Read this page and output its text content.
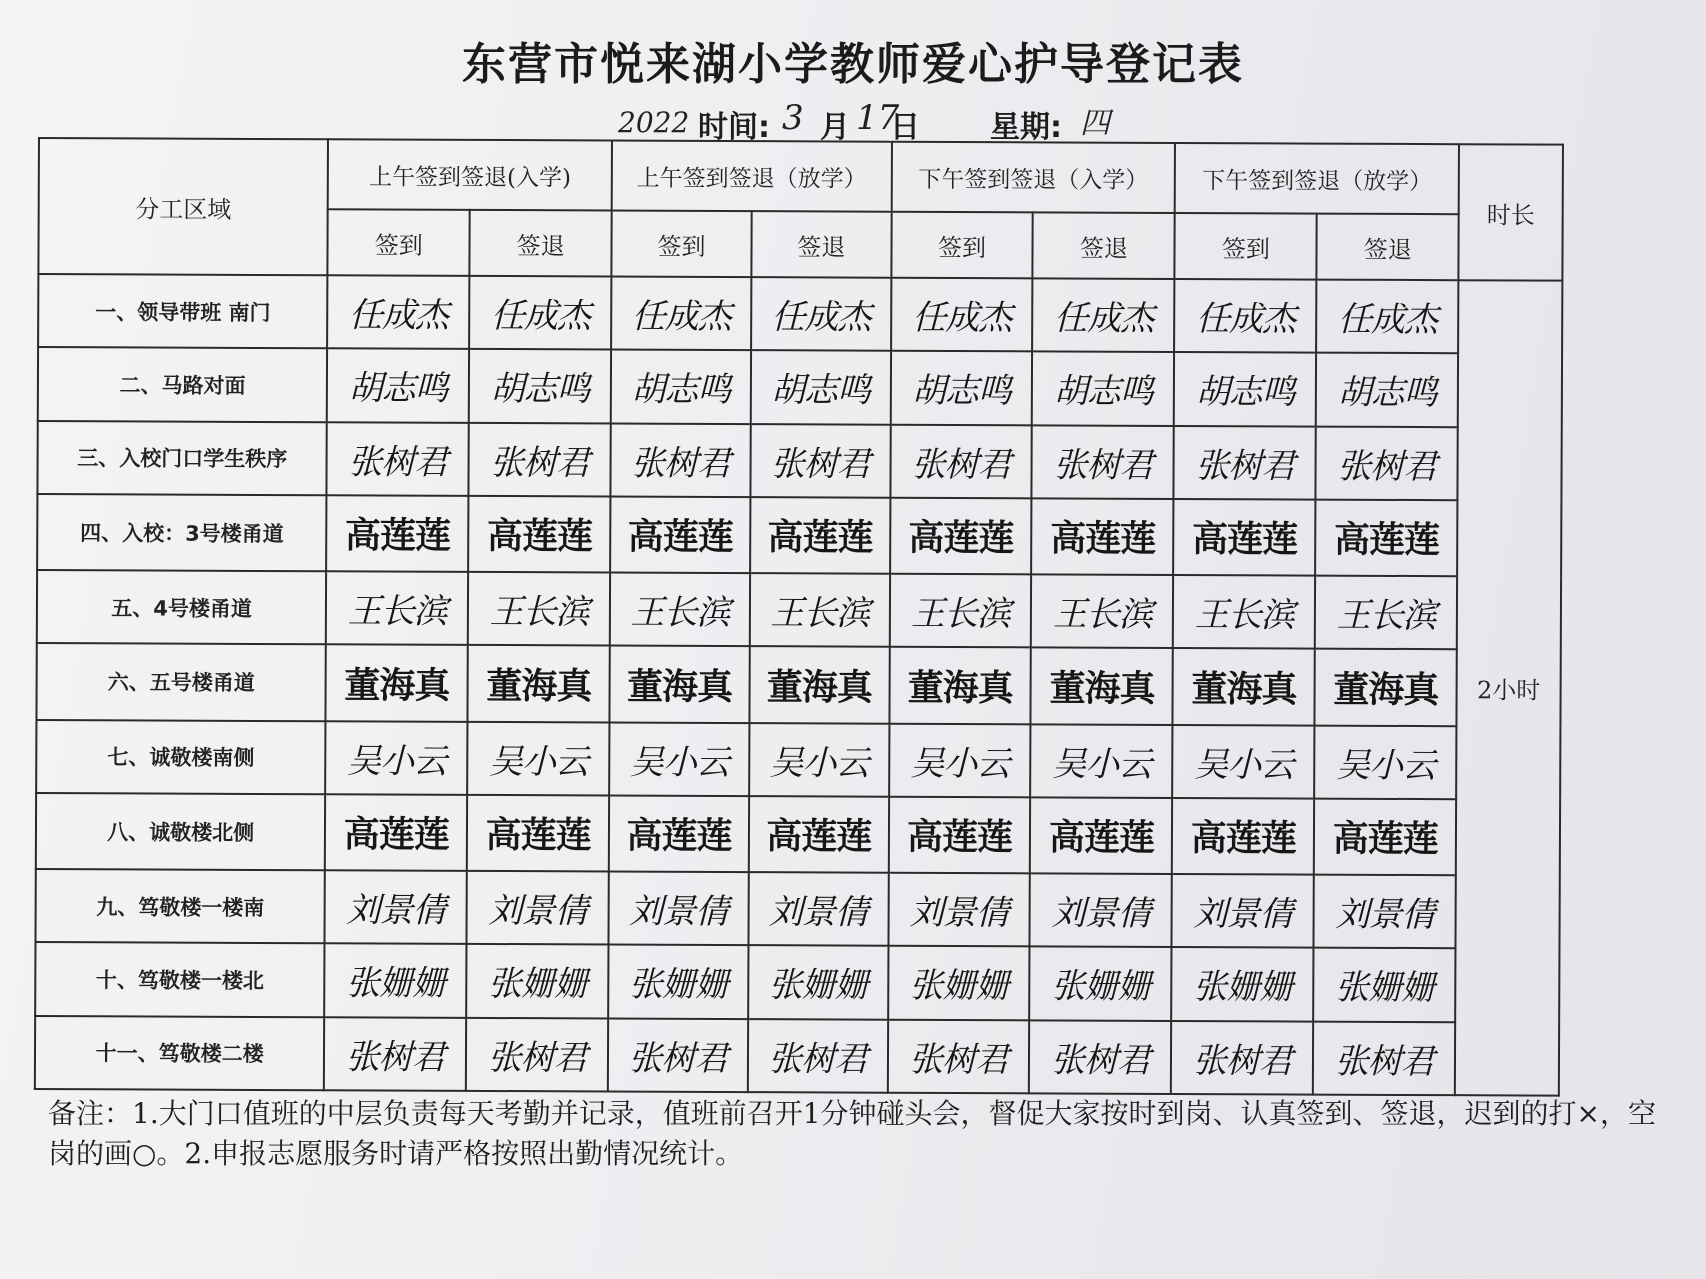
东营市悦来湖小学教师爱心护导登记表
2022 时间: 3 月 17
日 星期: 四
分工区域	上午签到签退(入学)		上午签到签退（放学）		下午签到签退（入学）		下午签到签退（放学）		时长
	签到	签退	签到	签退	签到	签退	签到	签退	
一、领导带班 南门	任成杰	任成杰	任成杰	任成杰	任成杰	任成杰	任成杰	任成杰	2小时
二、马路对面	胡志鸣	胡志鸣	胡志鸣	胡志鸣	胡志鸣	胡志鸣	胡志鸣	胡志鸣	
三、入校门口学生秩序	张树君	张树君	张树君	张树君	张树君	张树君	张树君	张树君	
四、入校：3号楼甬道	高莲莲	高莲莲	高莲莲	高莲莲	高莲莲	高莲莲	高莲莲	高莲莲	
五、4号楼甬道	王长滨	王长滨	王长滨	王长滨	王长滨	王长滨	王长滨	王长滨	
六、五号楼甬道	董海真	董海真	董海真	董海真	董海真	董海真	董海真	董海真	
七、诚敬楼南侧	吴小云	吴小云	吴小云	吴小云	吴小云	吴小云	吴小云	吴小云	
八、诚敬楼北侧	高莲莲	高莲莲	高莲莲	高莲莲	高莲莲	高莲莲	高莲莲	高莲莲	
九、笃敬楼一楼南	刘景倩	刘景倩	刘景倩	刘景倩	刘景倩	刘景倩	刘景倩	刘景倩	
十、笃敬楼一楼北	张姗姗	张姗姗	张姗姗	张姗姗	张姗姗	张姗姗	张姗姗	张姗姗	
十一、笃敬楼二楼	张树君	张树君	张树君	张树君	张树君	张树君	张树君	张树君	
备注：1.大门口值班的中层负责每天考勤并记录，值班前召开1分钟碰头会，督促大家按时到岗、认真签到、签退，迟到的打×，空岗的画○。2.申报志愿服务时请严格按照出勤情况统计。
